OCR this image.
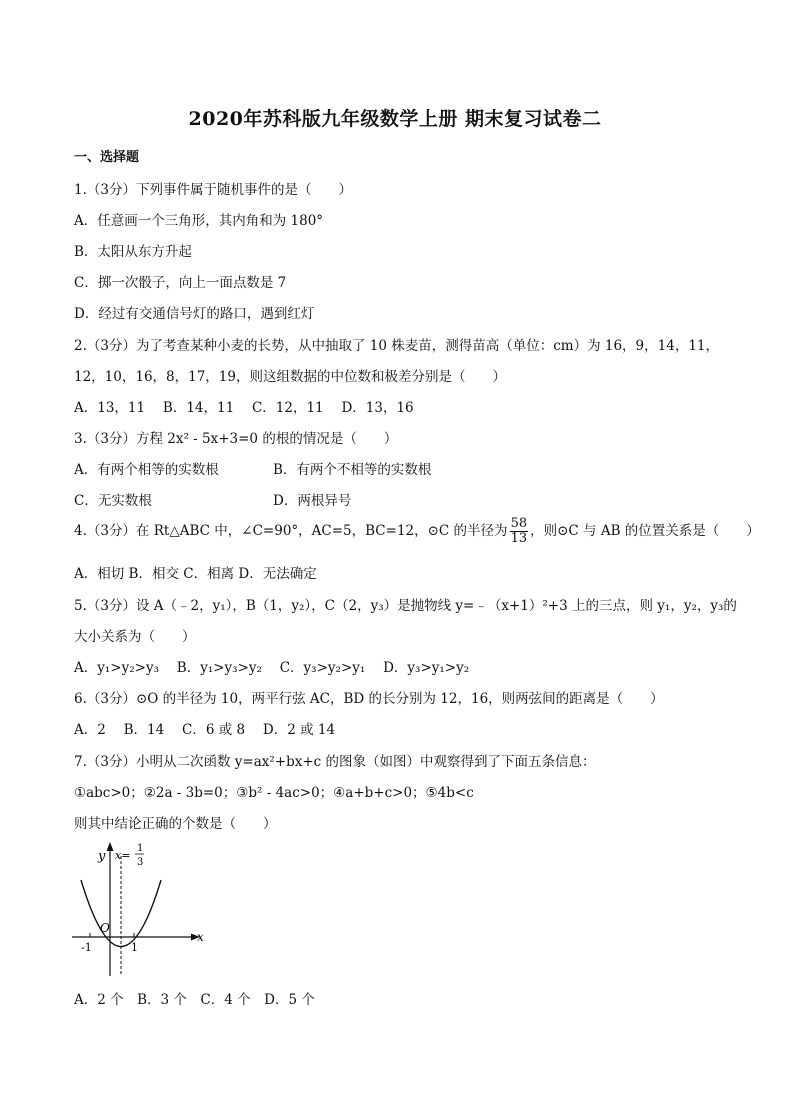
2020年苏科版九年级数学上册 期末复习试卷二
一、选择题
1.（3分）下列事件属于随机事件的是（　　）
A．任意画一个三角形，其内角和为 180°
B．太阳从东方升起
C．掷一次骰子，向上一面点数是 7
D．经过有交通信号灯的路口，遇到红灯
2.（3分）为了考查某种小麦的长势，从中抽取了 10 株麦苗，测得苗高（单位：cm）为 16，9，14，11，
12，10，16，8，17，19，则这组数据的中位数和极差分别是（　　）
A．13，11　 B．14，11　 C．12，11　 D．13，16
3.（3分）方程 2x² - 5x+3=0 的根的情况是（　　）
A．有两个相等的实数根	B．有两个不相等的实数根
C．无实数根	D．两根异号
4.（3分）在 Rt△ABC 中，∠C=90°，AC=5，BC=12，⊙C 的半径为 $\frac{58}{13}$ ，则⊙C 与 AB 的位置关系是（　　）
A．相切 B．相交 C．相离 D．无法确定
5.（3分）设 A（﹣2，y₁），B（1，y₂），C（2，y₃）是抛物线 y=﹣（x+1）²+3 上的三点，则 y₁，y₂，y₃的
大小关系为（　　）
A．y₁>y₂>y₃　 B．y₁>y₃>y₂　 C．y₃>y₂>y₁　 D．y₃>y₁>y₂
6.（3分）⊙O 的半径为 10，两平行弦 AC，BD 的长分别为 12，16，则两弦间的距离是（　　）
A．2　 B．14　 C．6 或 8　 D．2 或 14
7.（3分）小明从二次函数 y=ax²+bx+c 的图象（如图）中观察得到了下面五条信息：
①abc>0；②2a - 3b=0；③b² - 4ac>0；④a+b+c>0；⑤4b<c
则其中结论正确的个数是（　　）
y
x
x=
1
3
O
-1	1
A．2 个　B．3 个　C．4 个　D．5 个
